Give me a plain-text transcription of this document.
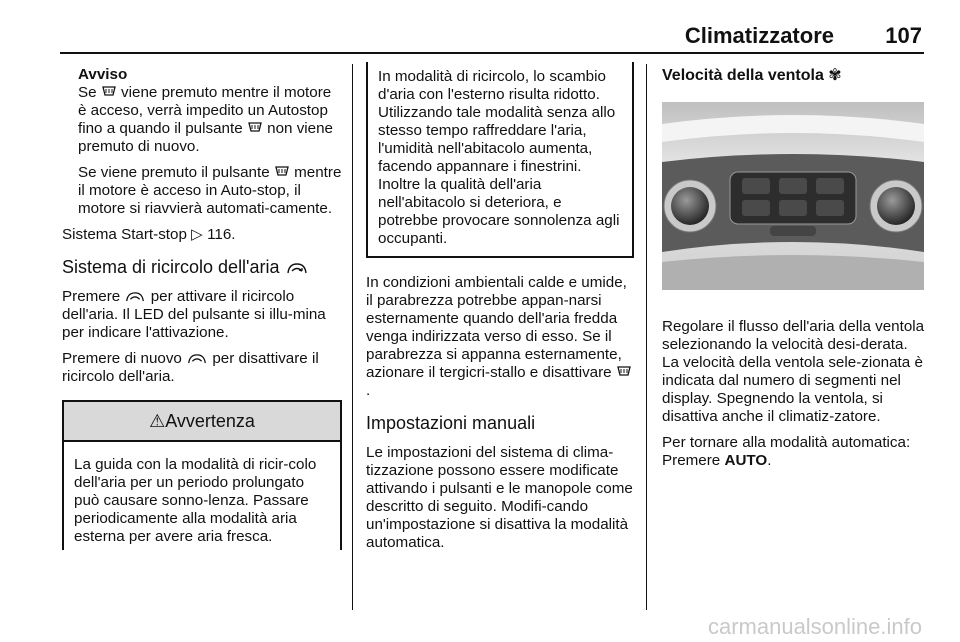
Climatizzatore 107

Avviso

Se viene premuto mentre il motore è acceso, verrà impedito un Autostop fino a quando il pulsante non viene premuto di nuovo.

Se viene premuto il pulsante mentre il motore è acceso in Auto-stop, il motore si riavvierà automati-camente.

Sistema Start-stop ▷ 116.

Sistema di ricircolo dell'aria

Premere per attivare il ricircolo dell'aria. Il LED del pulsante si illu-mina per indicare l'attivazione.

Premere di nuovo per disattivare il ricircolo dell'aria.

⚠Avvertenza
La guida con la modalità di ricir-colo dell'aria per un periodo prolungato può causare sonno-lenza. Passare periodicamente alla modalità aria esterna per avere aria fresca.
In modalità di ricircolo, lo scambio d'aria con l'esterno risulta ridotto. Utilizzando tale modalità senza allo stesso tempo raffreddare l'aria, l'umidità nell'abitacolo aumenta, facendo appannare i finestrini. Inoltre la qualità dell'aria nell'abitacolo si deteriora, e potrebbe provocare sonnolenza agli occupanti.

In condizioni ambientali calde e umide, il parabrezza potrebbe appan-narsi esternamente quando dell'aria fredda venga indirizzata verso di esso. Se il parabrezza si appanna esternamente, azionare il tergicri-stallo e disattivare .

Impostazioni manuali

Le impostazioni del sistema di clima-tizzazione possono essere modificate attivando i pulsanti e le manopole come descritto di seguito. Modifi-cando un'impostazione si disattiva la modalità automatica.

Velocità della ventola ✾

Regolare il flusso dell'aria della ventola selezionando la velocità desi-derata. La velocità della ventola sele-zionata è indicata dal numero di segmenti nel display. Spegnendo la ventola, si disattiva anche il climatiz-zatore.

Per tornare alla modalità automatica: Premere AUTO.

carmanualsonline.info
